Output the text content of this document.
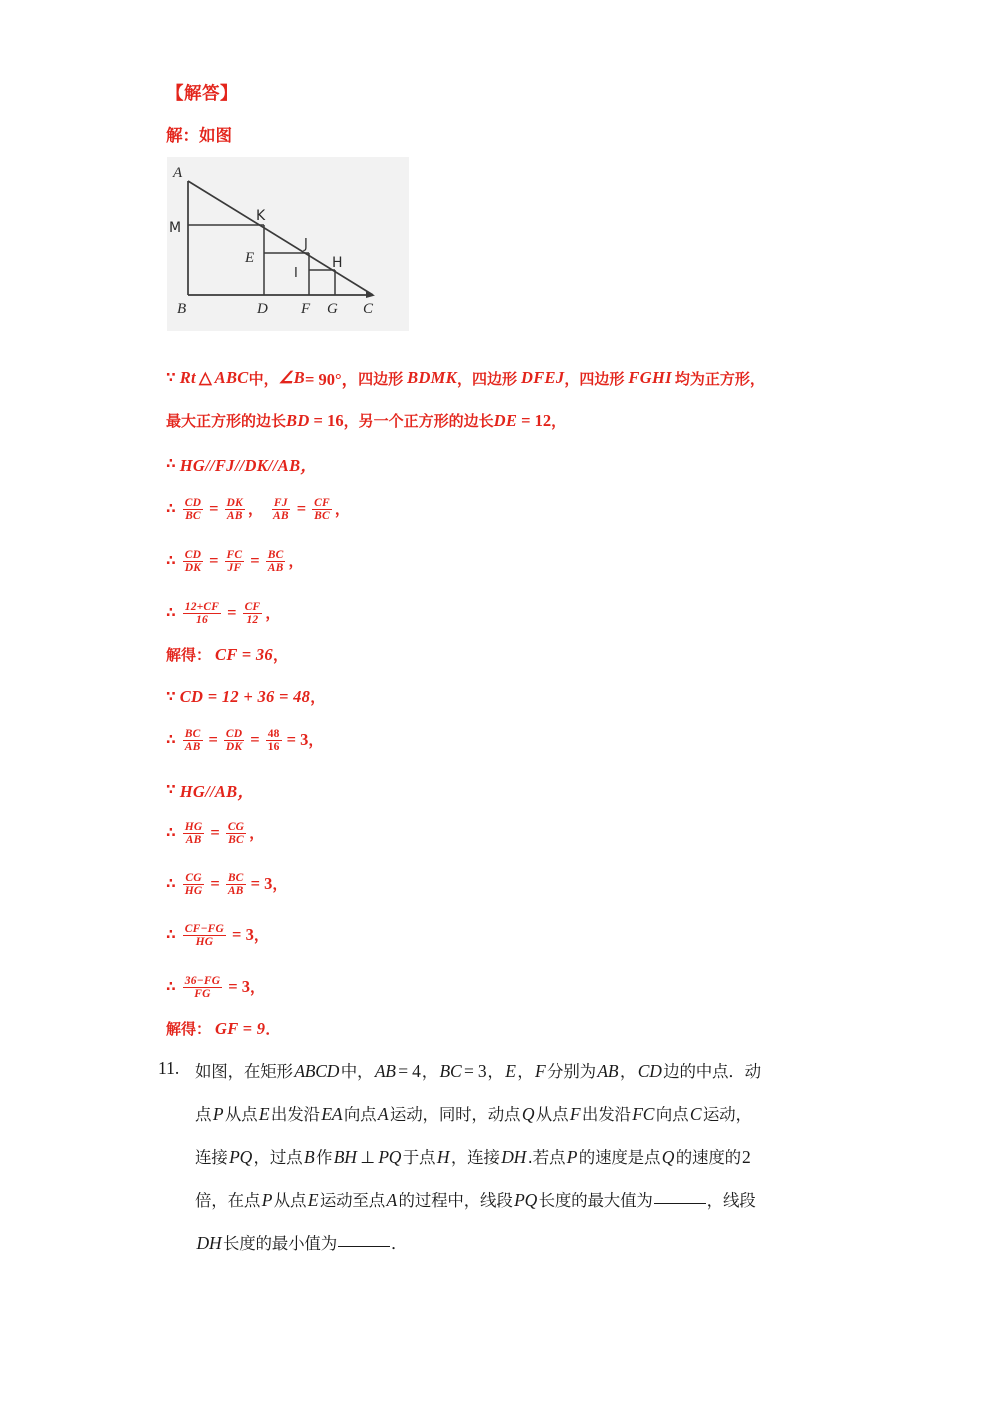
【解答】
解：如图
A
M
B
K
E
D
J
I
F
H
G C
∵ Rt △ ABC 中， ∠B = 90°， 四边形 BDMK ， 四边形 DFEJ ， 四边形 FGHI 均为正方形，
最大正方形的边长 BD = 16 ， 另一个正方形的边长 DE = 12 ，
∴ HG//FJ//DK//AB，
∴ $\frac{CD}{BC} = \frac{DK}{AB}$ ， $\frac{FJ}{AB} = \frac{CF}{BC}$ ，
∴ $\frac{CD}{DK} = \frac{FC}{JF} = \frac{BC}{AB}$ ，
∴ $\frac{12+CF}{16} = \frac{CF}{12}$ ，
解得： CF = 36 ，
∵ CD = 12 + 36 = 48 ，
∴ $\frac{BC}{AB} = \frac{CD}{DK} = \frac{48}{16} = 3$ ，
∵ HG//AB，
∴ $\frac{HG}{AB} = \frac{CG}{BC}$ ，
∴ $\frac{CG}{HG} = \frac{BC}{AB} = 3$ ，
∴ $\frac{CF-FG}{HG} = 3$ ，
∴ $\frac{36-FG}{FG} = 3$ ，
解得： GF = 9 ．
11. 如图，在矩形ABCD中，AB = 4，BC = 3，E，F分别为AB，CD边的中点．动
点P从点E出发沿EA向点A运动，同时，动点Q从点F出发沿FC向点C运动，
连接PQ，过点B作BH ⊥ PQ于点H，连接DH.若点P的速度是点Q的速度的2
倍，在点P从点E运动至点A的过程中，线段PQ长度的最大值为	，线段
DH长度的最小值为	．
